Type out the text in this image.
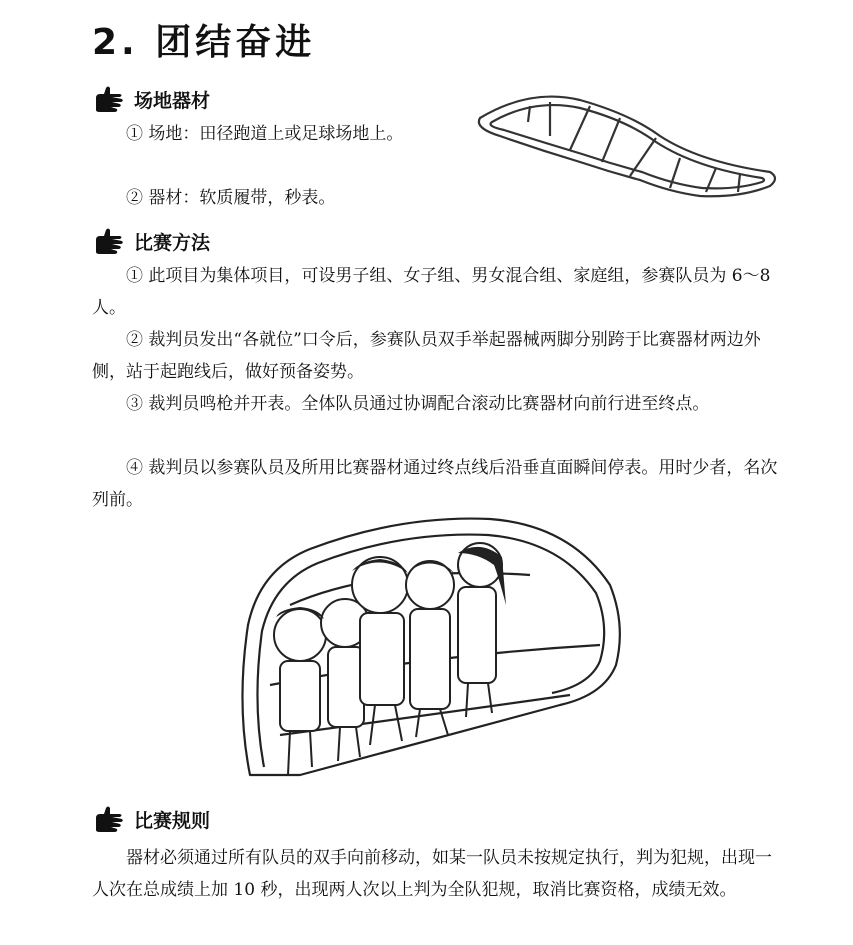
2. 团结奋进
场地器材

① 场地：田径跑道上或足球场地上。

② 器材：软质履带，秒表。

比赛方法

① 此项目为集体项目，可设男子组、女子组、男女混合组、家庭组，参赛队员为 6～8 人。

② 裁判员发出“各就位”口令后，参赛队员双手举起器械两脚分别跨于比赛器材两边外侧，站于起跑线后，做好预备姿势。

③ 裁判员鸣枪并开表。全体队员通过协调配合滚动比赛器材向前行进至终点。

④ 裁判员以参赛队员及所用比赛器材通过终点线后沿垂直面瞬间停表。用时少者，名次列前。

比赛规则

器材必须通过所有队员的双手向前移动，如某一队员未按规定执行，判为犯规，出现一人次在总成绩上加 10 秒，出现两人次以上判为全队犯规，取消比赛资格，成绩无效。
